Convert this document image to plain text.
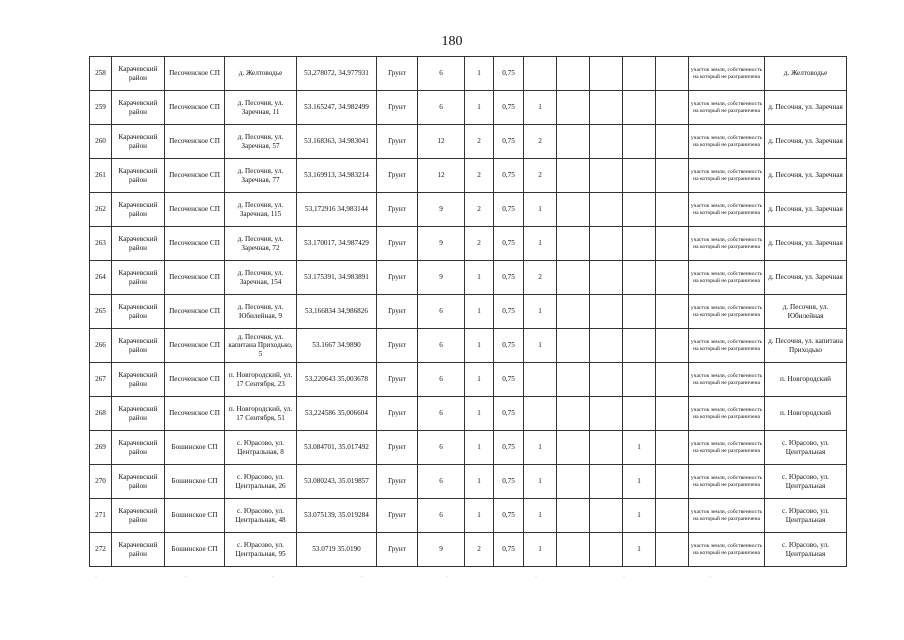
180
258	Карачевский район	Песоченское СП	д. Желтоводье	53,278072, 34,977931	Грунт	6	1	0,75						участок земли, собственность на который не разграничена	д. Желтоводье
259	Карачевский район	Песоченское СП	д. Песочня, ул. Заречная, 11	53.165247, 34.982499	Грунт	6	1	0,75	1					участок земли, собственность на который не разграничена	д. Песочня, ул. Заречная
260	Карачевский район	Песоченское СП	д. Песочня, ул. Заречная, 57	53.168363, 34.983041	Грунт	12	2	0,75	2					участок земли, собственность на который не разграничена	д. Песочня, ул. Заречная
261	Карачевский район	Песоченское СП	д. Песочня, ул. Заречная, 77	53.169913, 34.983214	Грунт	12	2	0,75	2					участок земли, собственность на который не разграничена	д. Песочня, ул. Заречная
262	Карачевский район	Песоченское СП	д. Песочня, ул. Заречная, 115	53,172916 34,983144	Грунт	9	2	0,75	1					участок земли, собственность на который не разграничена	д. Песочня, ул. Заречная
263	Карачевский район	Песоченское СП	д. Песочня, ул. Заречная, 72	53.170017, 34.987429	Грунт	9	2	0,75	1					участок земли, собственность на который не разграничена	д. Песочня, ул. Заречная
264	Карачевский район	Песоченское СП	д. Песочня, ул. Заречная, 154	53.175391, 34.983891	Грунт	9	1	0,75	2					участок земли, собственность на который не разграничена	д. Песочня, ул. Заречная
265	Карачевский район	Песоченское СП	д. Песочня, ул. Юбилейная, 9	53,166834 34,986826	Грунт	6	1	0,75	1					участок земли, собственность на который не разграничена	д. Песочня, ул. Юбилейная
266	Карачевский район	Песоченское СП	д. Песочня, ул. капитана Приходько, 5	53.1667 34.9890	Грунт	6	1	0,75	1					участок земли, собственность на который не разграничена	д. Песочня, ул. капитана Приходько
267	Карачевский район	Песоченское СП	п. Новгородский, ул. 17 Сентября, 23	53,220643 35,003678	Грунт	6	1	0,75						участок земли, собственность на который не разграничена	п. Новгородский
268	Карачевский район	Песоченское СП	п. Новгородский, ул. 17 Сентября, 51	53,224586 35,006604	Грунт	6	1	0,75						участок земли, собственность на который не разграничена	п. Новгородский
269	Карачевский район	Бошинское СП	с. Юрасово, ул. Центральная, 8	53.084701, 35.017492	Грунт	6	1	0,75	1			1		участок земли, собственность на который не разграничена	с. Юрасово, ул. Центральная
270	Карачевский район	Бошинское СП	с. Юрасово, ул. Центральная, 26	53.080243, 35.019857	Грунт	6	1	0,75	1			1		участок земли, собственность на который не разграничена	с. Юрасово, ул. Центральная
271	Карачевский район	Бошинское СП	с. Юрасово, ул. Центральная, 48	53.075139, 35.019284	Грунт	6	1	0,75	1			1		участок земли, собственность на который не разграничена	с. Юрасово, ул. Центральная
272	Карачевский район	Бошинское СП	с. Юрасово, ул. Центральная, 95	53.0719 35.0190	Грунт	9	2	0,75	1			1		участок земли, собственность на который не разграничена	с. Юрасово, ул. Центральная
·	·	·	·	·	·	·	·
